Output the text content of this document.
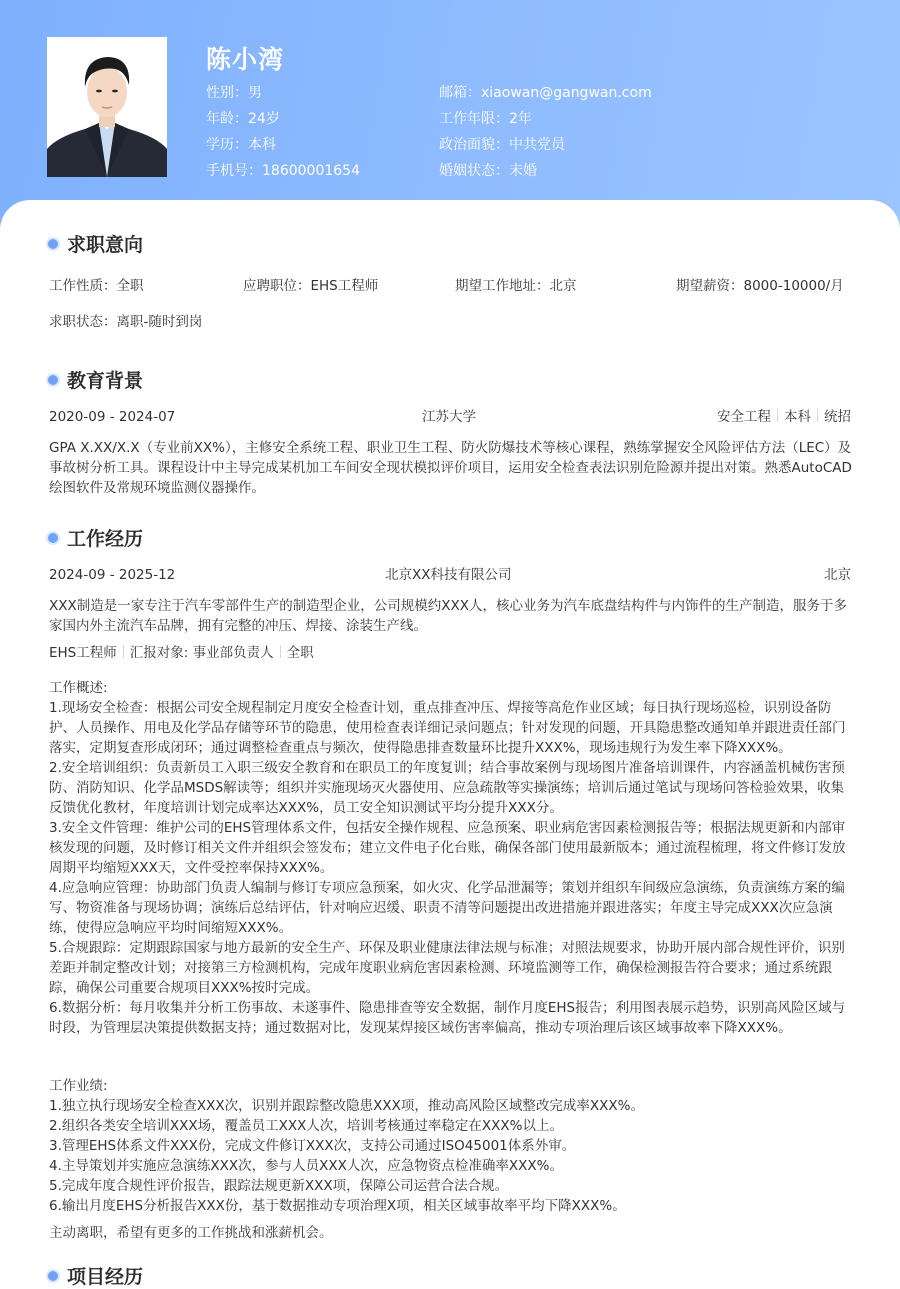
陈小湾
性别：男
年龄：24岁
学历：本科
手机号：18600001654
邮箱：xiaowan@gangwan.com
工作年限：2年
政治面貌：中共党员
婚姻状态：未婚
求职意向
工作性质：全职	应聘职位：EHS工程师	期望工作地址：北京	期望薪资：8000-10000/月
求职状态：离职-随时到岗
教育背景
2020-09 - 2024-07	江苏大学	安全工程 本科 统招
GPA X.XX/X.X（专业前XX%），主修安全系统工程、职业卫生工程、防火防爆技术等核心课程，熟练掌握安全风险评估方法（LEC）及事故树分析工具。课程设计中主导完成某机加工车间安全现状模拟评价项目，运用安全检查表法识别危险源并提出对策。熟悉AutoCAD绘图软件及常规环境监测仪器操作。
工作经历
2024-09 - 2025-12	北京XX科技有限公司	北京
XXX制造是一家专注于汽车零部件生产的制造型企业，公司规模约XXX人，核心业务为汽车底盘结构件与内饰件的生产制造，服务于多家国内外主流汽车品牌，拥有完整的冲压、焊接、涂装生产线。
EHS工程师 汇报对象: 事业部负责人 全职
工作概述:
1.现场安全检查：根据公司安全规程制定月度安全检查计划，重点排查冲压、焊接等高危作业区域；每日执行现场巡检，识别设备防护、人员操作、用电及化学品存储等环节的隐患，使用检查表详细记录问题点；针对发现的问题，开具隐患整改通知单并跟进责任部门落实，定期复查形成闭环；通过调整检查重点与频次，使得隐患排查数量环比提升XXX%，现场违规行为发生率下降XXX%。
2.安全培训组织：负责新员工入职三级安全教育和在职员工的年度复训；结合事故案例与现场图片准备培训课件，内容涵盖机械伤害预防、消防知识、化学品MSDS解读等；组织并实施现场灭火器使用、应急疏散等实操演练；培训后通过笔试与现场问答检验效果，收集反馈优化教材，年度培训计划完成率达XXX%，员工安全知识测试平均分提升XXX分。
3.安全文件管理：维护公司的EHS管理体系文件，包括安全操作规程、应急预案、职业病危害因素检测报告等；根据法规更新和内部审核发现的问题，及时修订相关文件并组织会签发布；建立文件电子化台账，确保各部门使用最新版本；通过流程梳理，将文件修订发放周期平均缩短XXX天，文件受控率保持XXX%。
4.应急响应管理：协助部门负责人编制与修订专项应急预案，如火灾、化学品泄漏等；策划并组织车间级应急演练，负责演练方案的编写、物资准备与现场协调；演练后总结评估，针对响应迟缓、职责不清等问题提出改进措施并跟进落实；年度主导完成XXX次应急演练，使得应急响应平均时间缩短XXX%。
5.合规跟踪：定期跟踪国家与地方最新的安全生产、环保及职业健康法律法规与标准；对照法规要求，协助开展内部合规性评价，识别差距并制定整改计划；对接第三方检测机构，完成年度职业病危害因素检测、环境监测等工作，确保检测报告符合要求；通过系统跟踪，确保公司重要合规项目XXX%按时完成。
6.数据分析：每月收集并分析工伤事故、未遂事件、隐患排查等安全数据，制作月度EHS报告；利用图表展示趋势，识别高风险区域与时段，为管理层决策提供数据支持；通过数据对比，发现某焊接区域伤害率偏高，推动专项治理后该区域事故率下降XXX%。
工作业绩:
1.独立执行现场安全检查XXX次，识别并跟踪整改隐患XXX项，推动高风险区域整改完成率XXX%。
2.组织各类安全培训XXX场，覆盖员工XXX人次，培训考核通过率稳定在XXX%以上。
3.管理EHS体系文件XXX份，完成文件修订XXX次，支持公司通过ISO45001体系外审。
4.主导策划并实施应急演练XXX次，参与人员XXX人次，应急物资点检准确率XXX%。
5.完成年度合规性评价报告，跟踪法规更新XXX项，保障公司运营合法合规。
6.输出月度EHS分析报告XXX份，基于数据推动专项治理X项，相关区域事故率平均下降XXX%。
主动离职，希望有更多的工作挑战和涨薪机会。
项目经历
